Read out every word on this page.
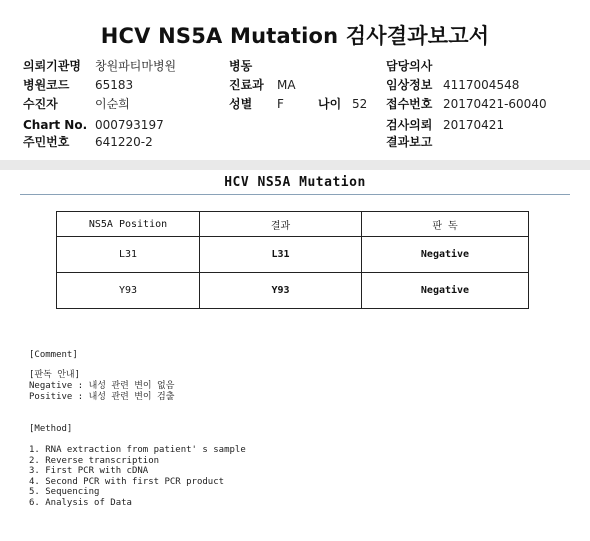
HCV NS5A Mutation 검사결과보고서
의뢰기관명 창원파티마병원	병동	담당의사
병원코드 65183	진료과 MA	임상정보 4117004548
수진자	이순희	성별 F	나이 52 접수번호 20170421-60040
Chart No. 000793197	검사의뢰 20170421
주민번호 641220-2	결과보고
HCV NS5A Mutation
NS5A Position	결과	판 독
L31	L31	Negative
Y93	Y93	Negative
[Comment]
[판독 안내]
Negative : 내성 관련 변이 없음
Positive : 내성 관련 변이 검출
[Method]
1. RNA extraction from patient' s sample
2. Reverse transcription
3. First PCR with cDNA
4. Second PCR with first PCR product
5. Sequencing
6. Analysis of Data
